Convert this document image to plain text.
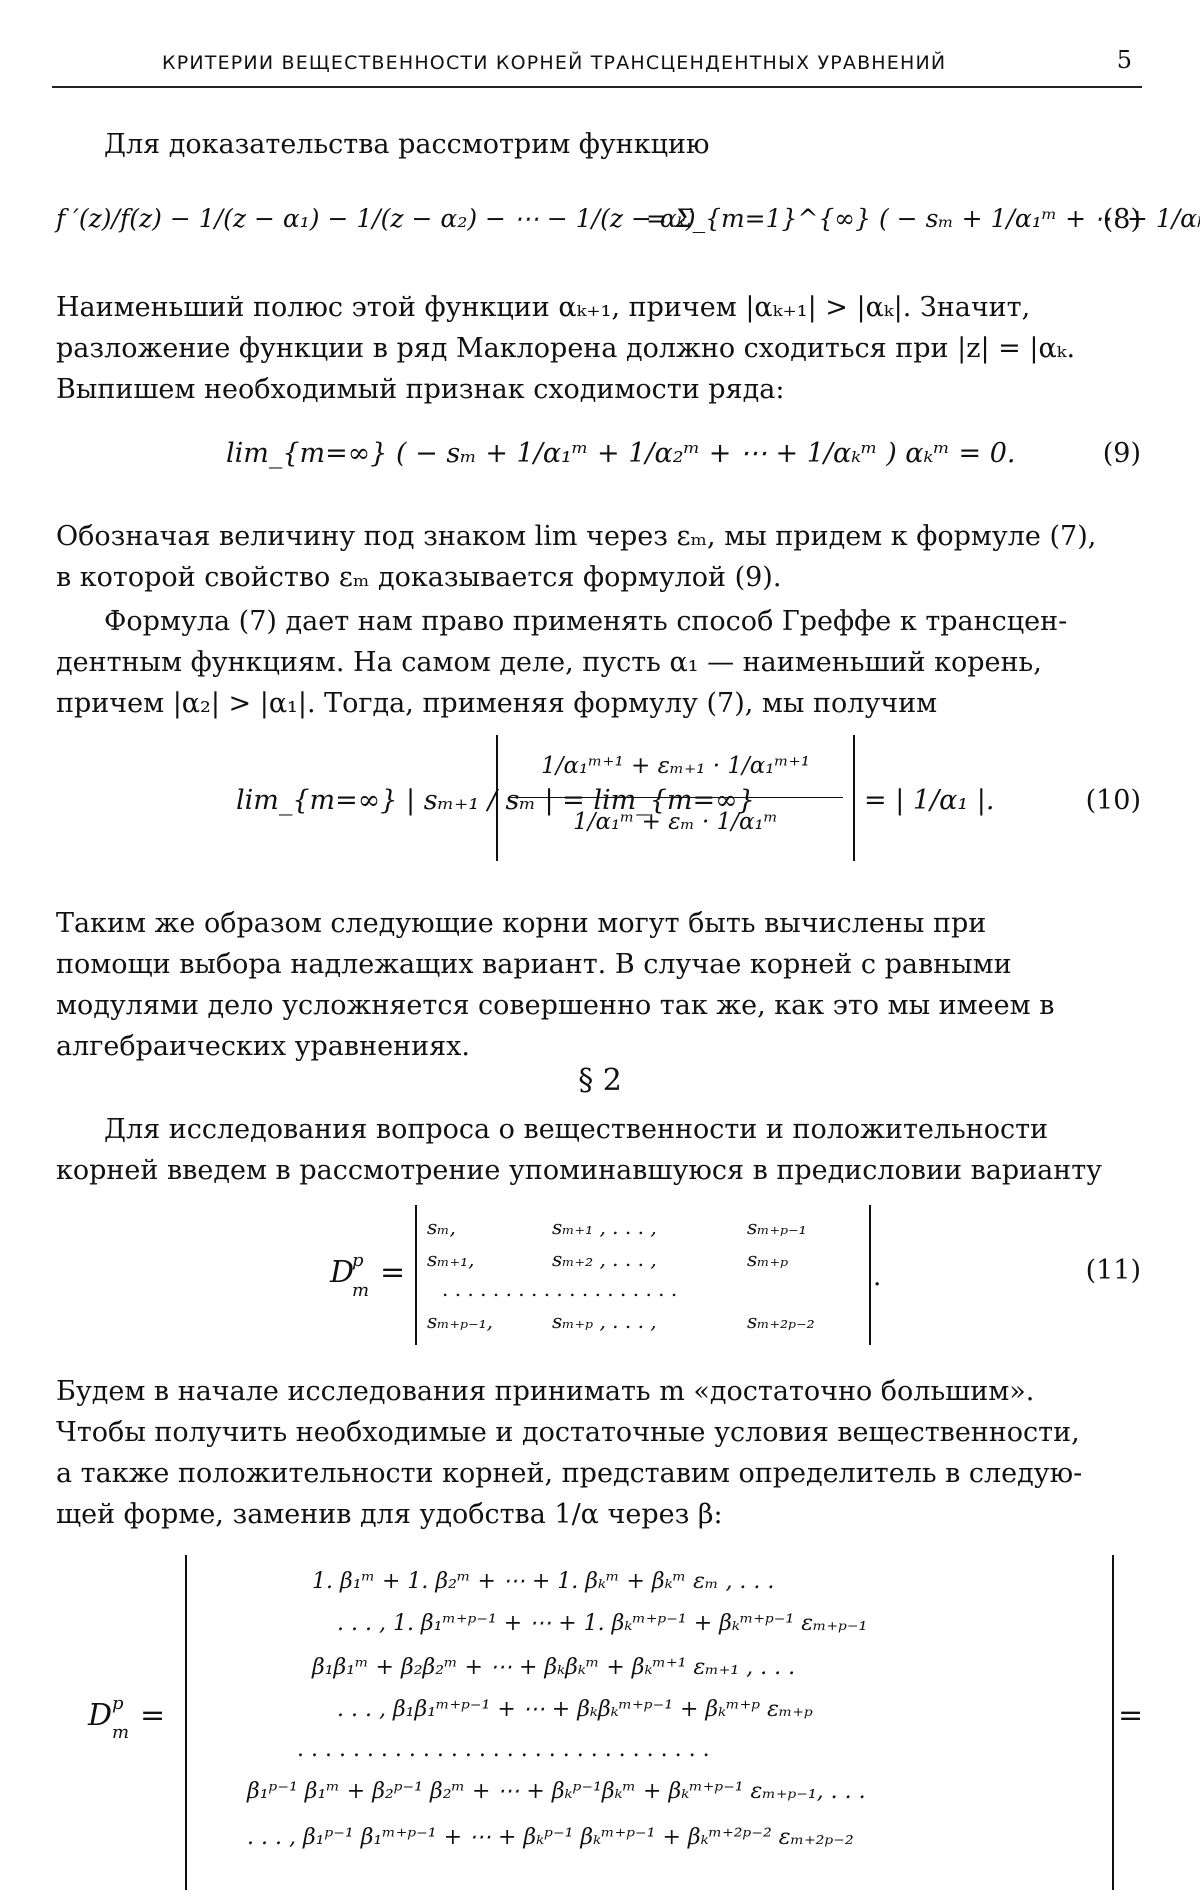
КРИТЕРИИ ВЕЩЕСТВЕННОСТИ КОРНЕЙ ТРАНСЦЕНДЕНТНЫХ УРАВНЕНИЙ	5
Для доказательства рассмотрим функцию
f ′(z)/f(z) − 1/(z − α₁) − 1/(z − α₂) − ⋯ − 1/(z − αₖ)
= Σ_{m=1}^{∞} ( − sₘ + 1/α₁ᵐ + ⋯ + 1/α
(8)
Наименьший полюс этой функции αₖ₊₁, причем |αₖ₊₁| > |αₖ|. Значит,
разложение функции в ряд Маклорена должно сходиться при |z| = |αₖ.
Выпишем необходимый признак сходимости ряда:
lim_{m=∞} ( − sₘ + 1/α₁ᵐ + 1/α₂ᵐ + ⋯ + 1/αₖᵐ ) αₖᵐ = 0.	(9)
Обозначая величину под знаком lim через εₘ, мы придем к формуле (7),
в которой свойство εₘ доказывается формулой (9).
Формула (7) дает нам право применять способ Греффе к трансцен-
дентным функциям. На самом деле, пусть α₁ — наименьший корень,
причем |α₂| > |α₁|. Тогда, применяя формулу (7), мы получим
lim_{m=∞} | sₘ₊₁ / sₘ | = lim_{m=∞}
1/α₁ᵐ⁺¹ + εₘ₊₁ · 1/α₁ᵐ⁺¹
1/α₁ᵐ + εₘ · 1/α₁ᵐ
= | 1/α₁ |.	(10)
Таким же образом следующие корни могут быть вычислены при
помощи выбора надлежащих вариант. В случае корней с равными
модулями дело усложняется совершенно так же, как это мы имеем в
алгебраических уравнениях.
§ 2
Для исследования вопроса о вещественности и положительности
корней введем в рассмотрение упоминавшуюся в предисловии варианту
D
p
m
=
sₘ,	sₘ₊₁ , . . . ,	sₘ₊ₚ₋₁
sₘ₊₁,	sₘ₊₂ , . . . ,	sₘ₊ₚ
. . . . . . . . . . . . . . . . . . .
sₘ₊ₚ₋₁,	sₘ₊ₚ , . . . ,	sₘ₊₂ₚ₋₂
.	(11)
Будем в начале исследования принимать m «достаточно большим».
Чтобы получить необходимые и достаточные условия вещественности,
а также положительности корней, представим определитель в следую-
щей форме, заменив для удобства 1/α через β:
D p
m =
1. β₁ᵐ + 1. β₂ᵐ + ⋯ + 1. βₖᵐ + βₖᵐ εₘ , . . .
. . . , 1. β₁ᵐ⁺ᵖ⁻¹ + ⋯ + 1. βₖᵐ⁺ᵖ⁻¹ + βₖᵐ⁺ᵖ⁻¹ εₘ₊ₚ₋₁
β₁β₁ᵐ + β₂β₂ᵐ + ⋯ + βₖβₖᵐ + βₖᵐ⁺¹ εₘ₊₁ , . . .
. . . , β₁β₁ᵐ⁺ᵖ⁻¹ + ⋯ + βₖβₖᵐ⁺ᵖ⁻¹ + βₖᵐ⁺ᵖ εₘ₊ₚ
. . . . . . . . . . . . . . . . . . . . . . . . . . . . . .
β₁ᵖ⁻¹ β₁ᵐ + β₂ᵖ⁻¹ β₂ᵐ + ⋯ + βₖᵖ⁻¹βₖᵐ + βₖᵐ⁺ᵖ⁻¹ εₘ₊ₚ₋₁, . . .
. . . , β₁ᵖ⁻¹ β₁ᵐ⁺ᵖ⁻¹ + ⋯ + βₖᵖ⁻¹ βₖᵐ⁺ᵖ⁻¹ + βₖᵐ⁺²ᵖ⁻² εₘ₊₂ₚ₋₂
=
